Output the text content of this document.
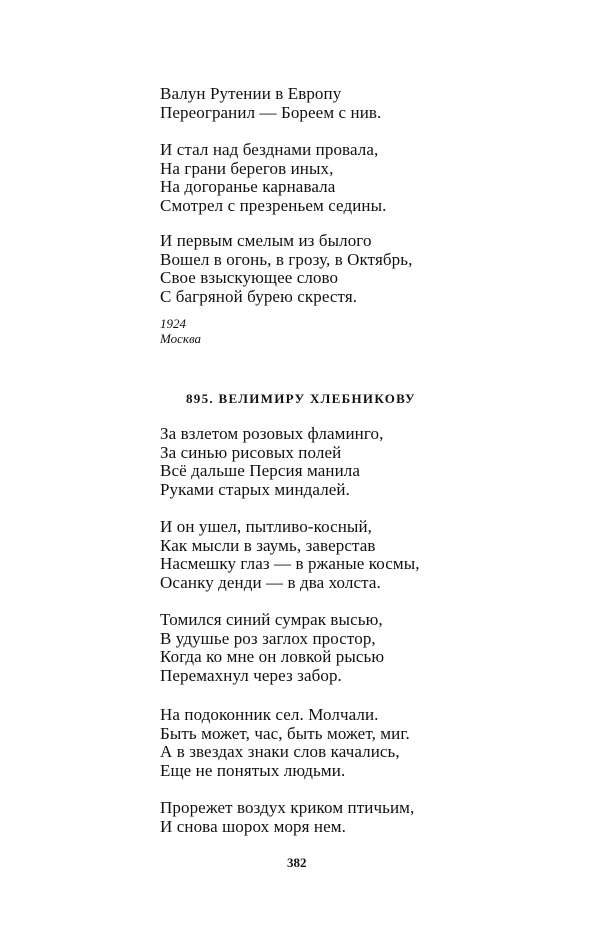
Валун Рутении в Европу
Переогранил — Бореем с нив.
И стал над безднами провала,
На грани берегов иных,
На догоранье карнавала
Смотрел с презреньем седины.
И первым смелым из былого
Вошел в огонь, в грозу, в Октябрь,
Свое взыскующее слово
С багряной бурею скрестя.
1924
Москва
895. ВЕЛИМИРУ ХЛЕБНИКОВУ
За взлетом розовых фламинго,
За синью рисовых полей
Всё дальше Персия манила
Руками старых миндалей.
И он ушел, пытливо-косный,
Как мысли в заумь, заверстав
Насмешку глаз — в ржаные космы,
Осанку денди — в два холста.
Томился синий сумрак высью,
В удушье роз заглох простор,
Когда ко мне он ловкой рысью
Перемахнул через забор.
На подоконник сел. Молчали.
Быть может, час, быть может, миг.
А в звездах знаки слов качались,
Еще не понятых людьми.
Прорежет воздух криком птичьим,
И снова шорох моря нем.
382
